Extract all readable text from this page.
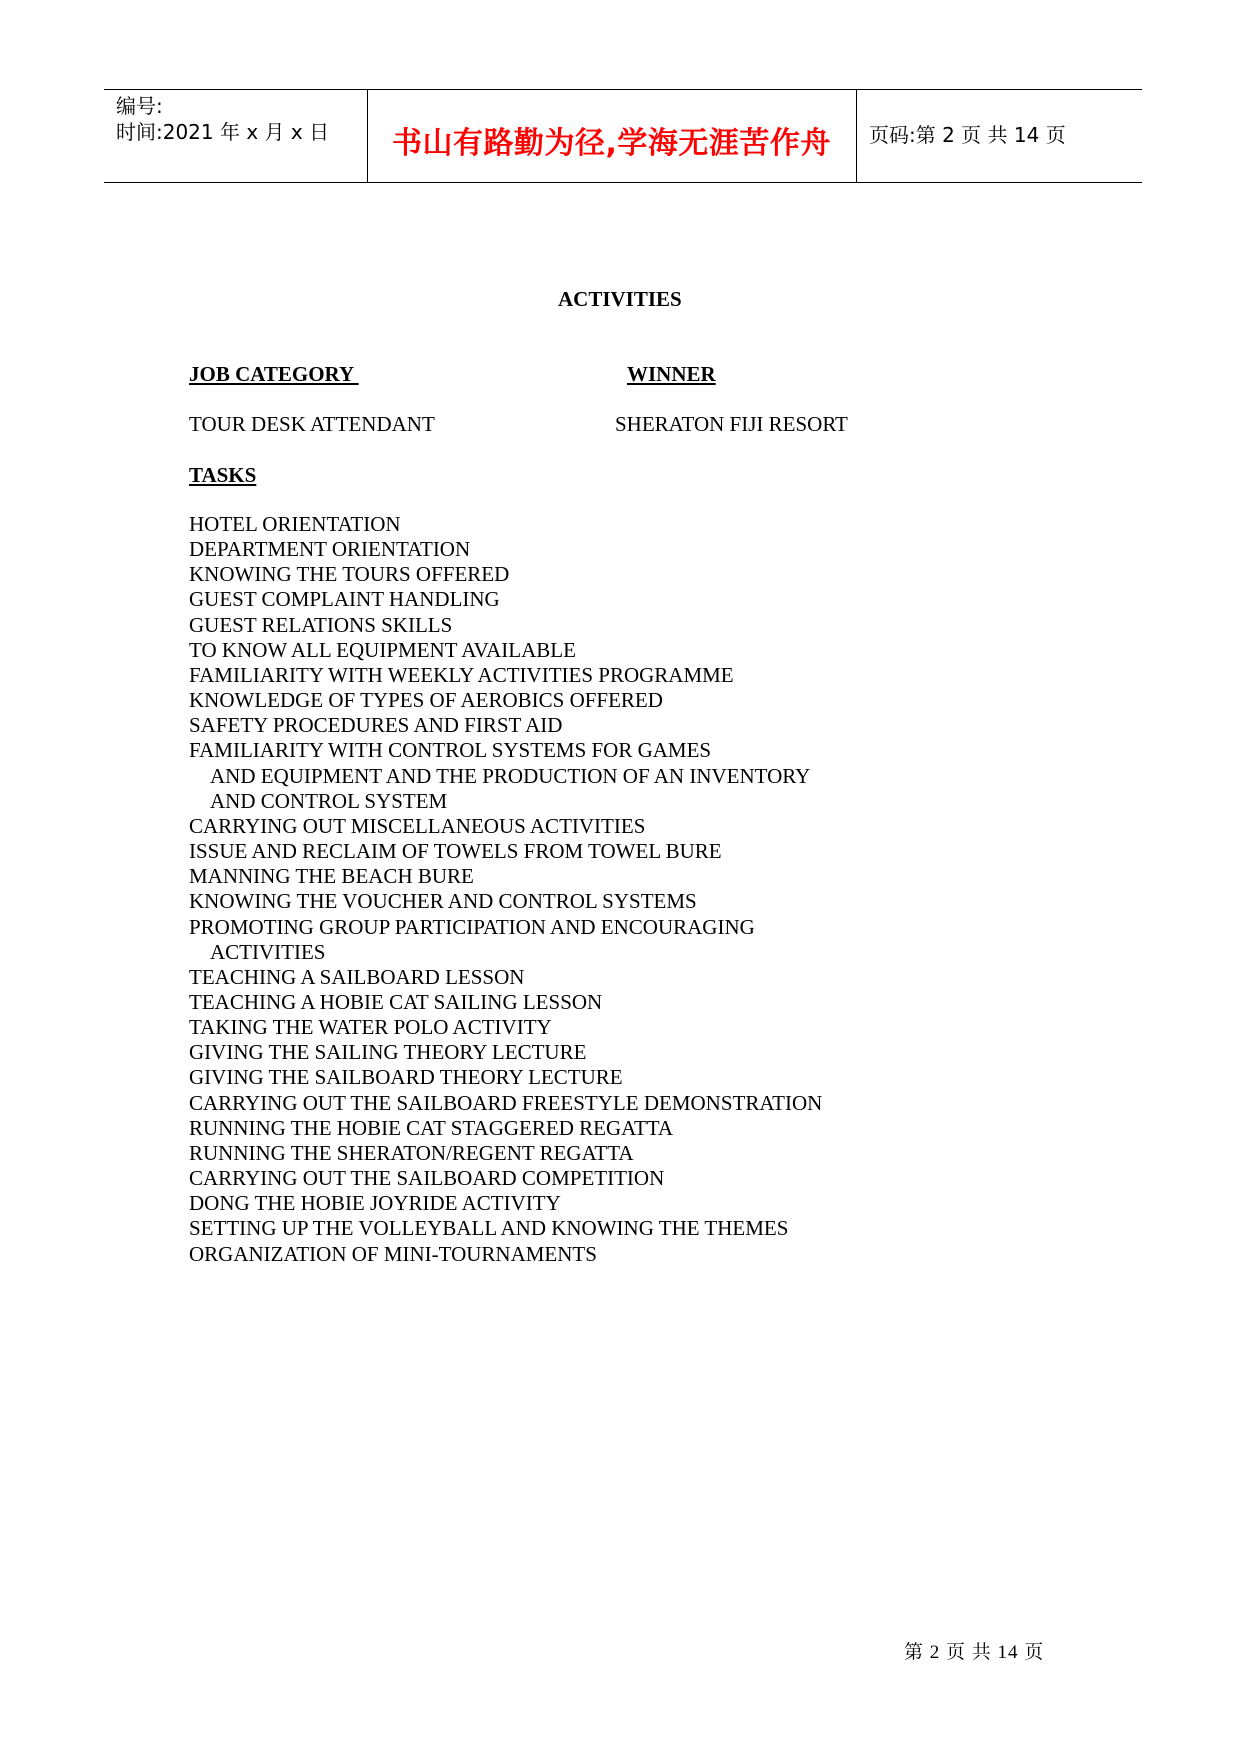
编号:
时间:2021 年 x 月 x 日 书山有路勤为径,学海无涯苦作舟 页码:第 2 页 共 14 页
ACTIVITIES
JOB CATEGORY	WINNER
TOUR DESK ATTENDANT	SHERATON FIJI RESORT
TASKS
HOTEL ORIENTATION
DEPARTMENT ORIENTATION
KNOWING THE TOURS OFFERED
GUEST COMPLAINT HANDLING
GUEST RELATIONS SKILLS
TO KNOW ALL EQUIPMENT AVAILABLE
FAMILIARITY WITH WEEKLY ACTIVITIES PROGRAMME
KNOWLEDGE OF TYPES OF AEROBICS OFFERED
SAFETY PROCEDURES AND FIRST AID
FAMILIARITY WITH CONTROL SYSTEMS FOR GAMES
AND EQUIPMENT AND THE PRODUCTION OF AN INVENTORY
AND CONTROL SYSTEM
CARRYING OUT MISCELLANEOUS ACTIVITIES
ISSUE AND RECLAIM OF TOWELS FROM TOWEL BURE
MANNING THE BEACH BURE
KNOWING THE VOUCHER AND CONTROL SYSTEMS
PROMOTING GROUP PARTICIPATION AND ENCOURAGING
ACTIVITIES
TEACHING A SAILBOARD LESSON
TEACHING A HOBIE CAT SAILING LESSON
TAKING THE WATER POLO ACTIVITY
GIVING THE SAILING THEORY LECTURE
GIVING THE SAILBOARD THEORY LECTURE
CARRYING OUT THE SAILBOARD FREESTYLE DEMONSTRATION
RUNNING THE HOBIE CAT STAGGERED REGATTA
RUNNING THE SHERATON/REGENT REGATTA
CARRYING OUT THE SAILBOARD COMPETITION
DONG THE HOBIE JOYRIDE ACTIVITY
SETTING UP THE VOLLEYBALL AND KNOWING THE THEMES
ORGANIZATION OF MINI-TOURNAMENTS
第 2 页 共 14 页
